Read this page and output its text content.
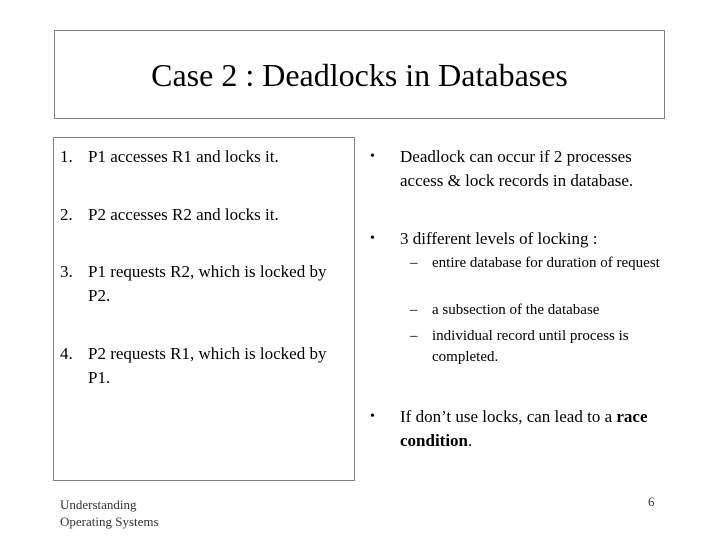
Case 2 : Deadlocks in Databases
1. P1 accesses R1 and locks it.
2. P2 accesses R2 and locks it.
3. P1 requests R2, which is locked by P2.
4. P2 requests R1, which is locked by P1.
•	Deadlock can occur if 2 processes access & lock records in database.
•	3 different levels of locking :
– entire database for duration of request
– a subsection of the database
– individual record until process is completed.
•	If don’t use locks, can lead to a race condition.
Understanding
Operating Systems
6
